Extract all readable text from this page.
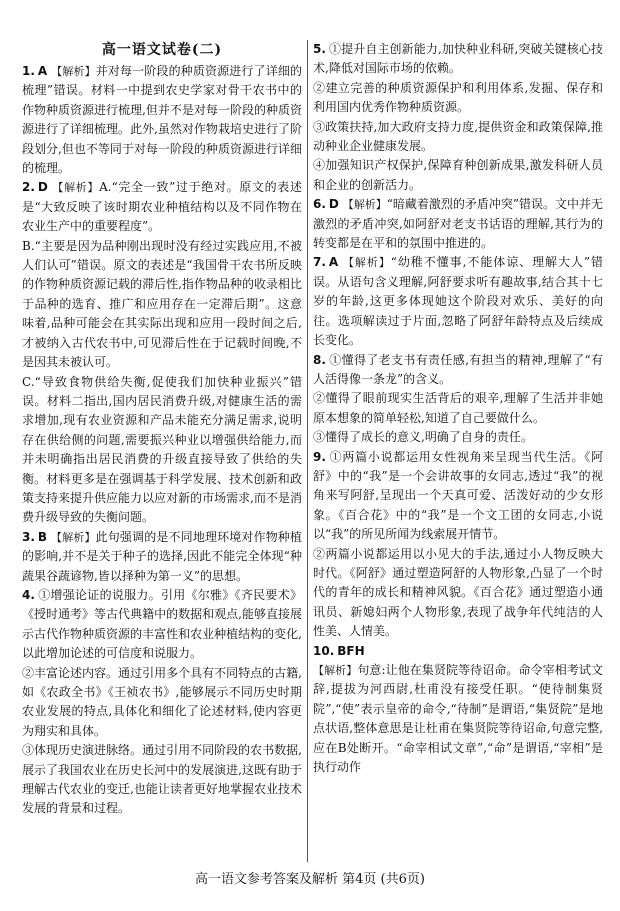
高一语文试卷(二)

1. A 【解析】并对每一阶段的种质资源进行了详细的梳理”错误。材料一中提到农史学家对骨干农书中的作物种质资源进行梳理,但并不是对每一阶段的种质资源进行了详细梳理。此外,虽然对作物栽培史进行了阶段划分,但也不等同于对每一阶段的种质资源进行详细的梳理。

2. D 【解析】A.“完全一致”过于绝对。原文的表述是“大致反映了该时期农业种植结构以及不同作物在农业生产中的重要程度”。

B.“主要是因为品种刚出现时没有经过实践应用,不被人们认可”错误。原文的表述是“我国骨干农书所反映的作物种质资源记载的滞后性,指作物品种的收录相比于品种的选育、推广和应用存在一定滞后期”。这意味着,品种可能会在其实际出现和应用一段时间之后,才被纳入古代农书中,可见滞后性在于记载时间晚,不是因其未被认可。

C.“导致食物供给失衡,促使我们加快种业振兴”错误。材料二指出,国内居民消费升级,对健康生活的需求增加,现有农业资源和产品未能充分满足需求,说明存在供给侧的问题,需要振兴种业以增强供给能力,而并未明确指出居民消费的升级直接导致了供给的失衡。材料更多是在强调基于科学发展、技术创新和政策支持来提升供应能力以应对新的市场需求,而不是消费升级导致的失衡问题。

3. B 【解析】此句强调的是不同地理环境对作物种植的影响,并不是关于种子的选择,因此不能完全体现“种蔬果谷蔬谚物,皆以择种为第一义”的思想。

4. ①增强论证的说服力。引用《尔雅》《齐民要术》《授时通考》等古代典籍中的数据和观点,能够直接展示古代作物种质资源的丰富性和农业种植结构的变化,以此增加论述的可信度和说服力。

②丰富论述内容。通过引用多个具有不同特点的古籍,如《农政全书》《王祯农书》,能够展示不同历史时期农业发展的特点,具体化和细化了论述材料,使内容更为翔实和具体。

③体现历史演进脉络。通过引用不同阶段的农书数据,展示了我国农业在历史长河中的发展演进,这既有助于理解古代农业的变迁,也能让读者更好地掌握农业技术发展的背景和过程。

5. ①提升自主创新能力,加快种业科研,突破关键核心技术,降低对国际市场的依赖。

②建立完善的种质资源保护和利用体系,发掘、保存和利用国内优秀作物种质资源。

③政策扶持,加大政府支持力度,提供资金和政策保障,推动种业企业健康发展。

④加强知识产权保护,保障育种创新成果,激发科研人员和企业的创新活力。

6. D 【解析】“暗藏着激烈的矛盾冲突”错误。文中并无激烈的矛盾冲突,如阿舒对老支书话语的理解,其行为的转变都是在平和的氛围中推进的。

7. A 【解析】“幼稚不懂事,不能体谅、理解大人”错误。从语句含义理解,阿舒要求听有趣故事,结合其十七岁的年龄,这更多体现她这个阶段对欢乐、美好的向往。选项解读过于片面,忽略了阿舒年龄特点及后续成长变化。

8. ①懂得了老支书有责任感,有担当的精神,理解了“有人活得像一条龙”的含义。

②懂得了眼前现实生活背后的艰辛,理解了生活并非她原本想象的简单轻松,知道了自己要做什么。

③懂得了成长的意义,明确了自身的责任。

9. ①两篇小说都运用女性视角来呈现当代生活。《阿舒》中的“我”是一个会讲故事的女同志,透过“我”的视角来写阿舒,呈现出一个天真可爱、活泼好动的少女形象。《百合花》中的“我”是一个文工团的女同志,小说以“我”的所见所闻为线索展开情节。

②两篇小说都运用以小见大的手法,通过小人物反映大时代。《阿舒》通过塑造阿舒的人物形象,凸显了一个时代的青年的成长和精神风貌。《百合花》通过塑造小通讯员、新媳妇两个人物形象,表现了战争年代纯洁的人性美、人情美。

10. BFH

【解析】句意:让他在集贤院等待诏命。命令宰相考试文辞,提拔为河西尉,杜甫没有接受任职。“使待制集贤院”,“使”表示皇帝的命令,“待制”是谓语,“集贤院”是地点状语,整体意思是让杜甫在集贤院等待诏命,句意完整,应在B处断开。“命宰相试文章”,“命”是谓语,“宰相”是执行动作

高一语文参考答案及解析 第4页 (共6页)
